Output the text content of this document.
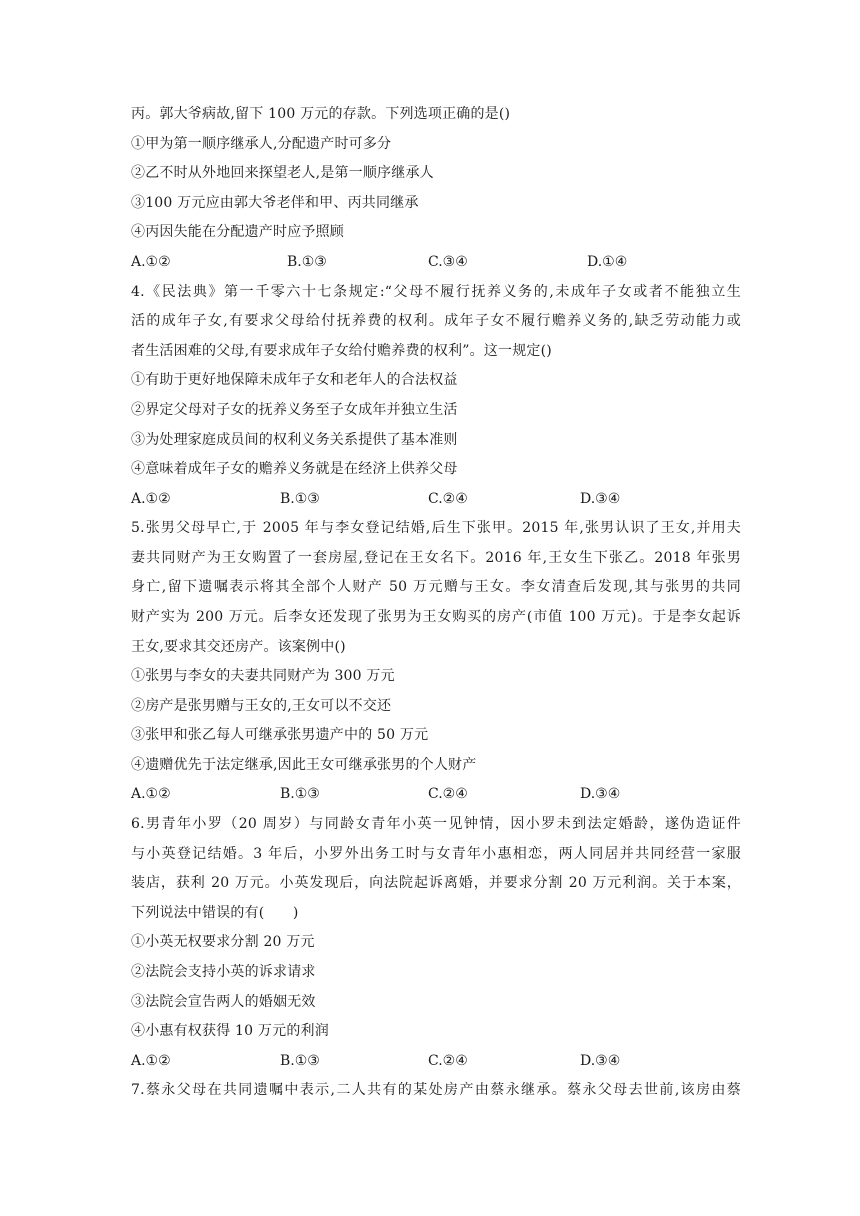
丙。郭大爷病故,留下 100 万元的存款。下列选项正确的是()
①甲为第一顺序继承人,分配遗产时可多分
②乙不时从外地回来探望老人,是第一顺序继承人
③100 万元应由郭大爷老伴和甲、丙共同继承
④丙因失能在分配遗产时应予照顾
A.①②	B.①③	C.③④	D.①④
4.《民法典》第一千零六十七条规定:“父母不履行抚养义务的,未成年子女或者不能独立生
活的成年子女,有要求父母给付抚养费的权利。成年子女不履行赡养义务的,缺乏劳动能力或
者生活困难的父母,有要求成年子女给付赡养费的权利”。这一规定()
①有助于更好地保障未成年子女和老年人的合法权益
②界定父母对子女的抚养义务至子女成年并独立生活
③为处理家庭成员间的权利义务关系提供了基本准则
④意味着成年子女的赡养义务就是在经济上供养父母
A.①②	B.①③	C.②④	D.③④
5.张男父母早亡,于 2005 年与李女登记结婚,后生下张甲。2015 年,张男认识了王女,并用夫
妻共同财产为王女购置了一套房屋,登记在王女名下。2016 年,王女生下张乙。2018 年张男
身亡,留下遗嘱表示将其全部个人财产 50 万元赠与王女。李女清查后发现,其与张男的共同
财产实为 200 万元。后李女还发现了张男为王女购买的房产(市值 100 万元)。于是李女起诉
王女,要求其交还房产。该案例中()
①张男与李女的夫妻共同财产为 300 万元
②房产是张男赠与王女的,王女可以不交还
③张甲和张乙每人可继承张男遗产中的 50 万元
④遗赠优先于法定继承,因此王女可继承张男的个人财产
A.①②	B.①③	C.②④	D.③④
6.男青年小罗（20 周岁）与同龄女青年小英一见钟情，因小罗未到法定婚龄，遂伪造证件
与小英登记结婚。3 年后，小罗外出务工时与女青年小惠相恋，两人同居并共同经营一家服
装店，获利 20 万元。小英发现后，向法院起诉离婚，并要求分割 20 万元利润。关于本案，
下列说法中错误的有(　　)
①小英无权要求分割 20 万元
②法院会支持小英的诉求请求
③法院会宣告两人的婚姻无效
④小惠有权获得 10 万元的利润
A.①②	B.①③	C.②④	D.③④
7.蔡永父母在共同遗嘱中表示,二人共有的某处房产由蔡永继承。蔡永父母去世前,该房由蔡
